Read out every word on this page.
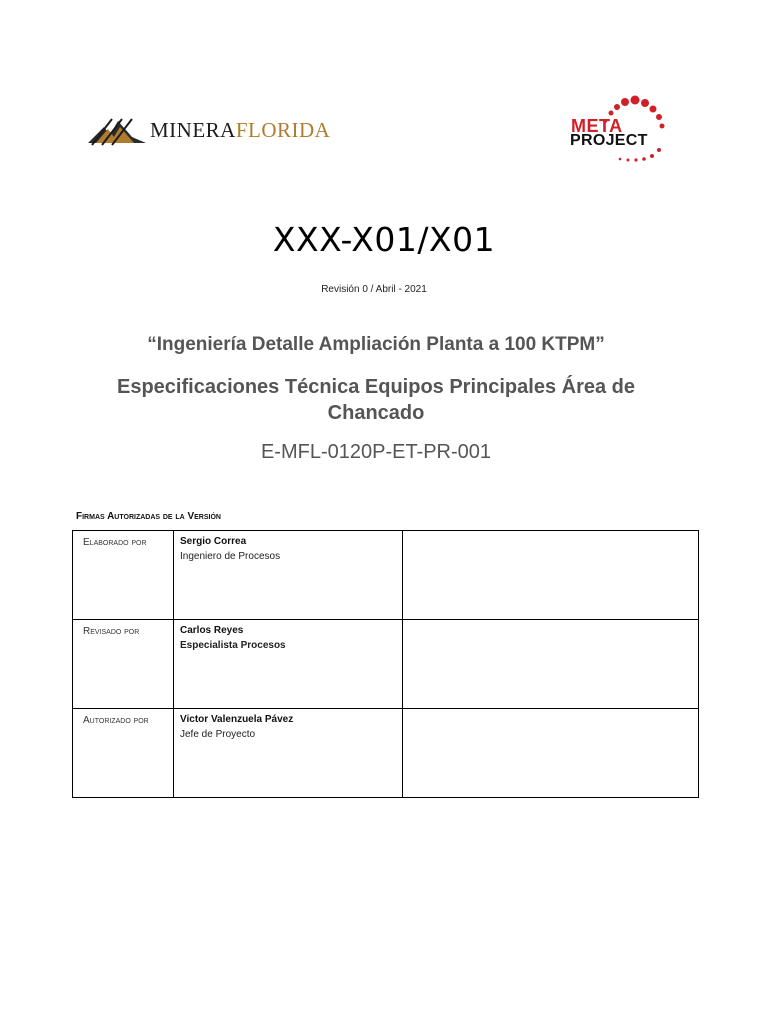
MINERAFLORIDA	META
PROJECT
XXX-X01/X01
Revisión 0 / Abril - 2021
“Ingeniería Detalle Ampliación Planta a 100 KTPM”
Especificaciones Técnica Equipos Principales Área de Chancado
E-MFL-0120P-ET-PR-001
Firmas Autorizadas de la Versión
Elaborado por	Sergio Correa
Ingeniero de Procesos	

Revisado por	Carlos Reyes
Especialista Procesos	

Autorizado por	Victor Valenzuela Pávez
Jefe de Proyecto	
